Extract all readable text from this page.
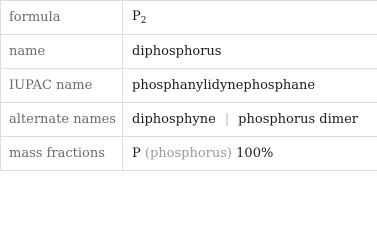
formula	$P_2$
name	diphosphorus
IUPAC name	phosphanylidynephosphane
alternate names	diphosphyne | phosphorus dimer
mass fractions	P (phosphorus) 100%
